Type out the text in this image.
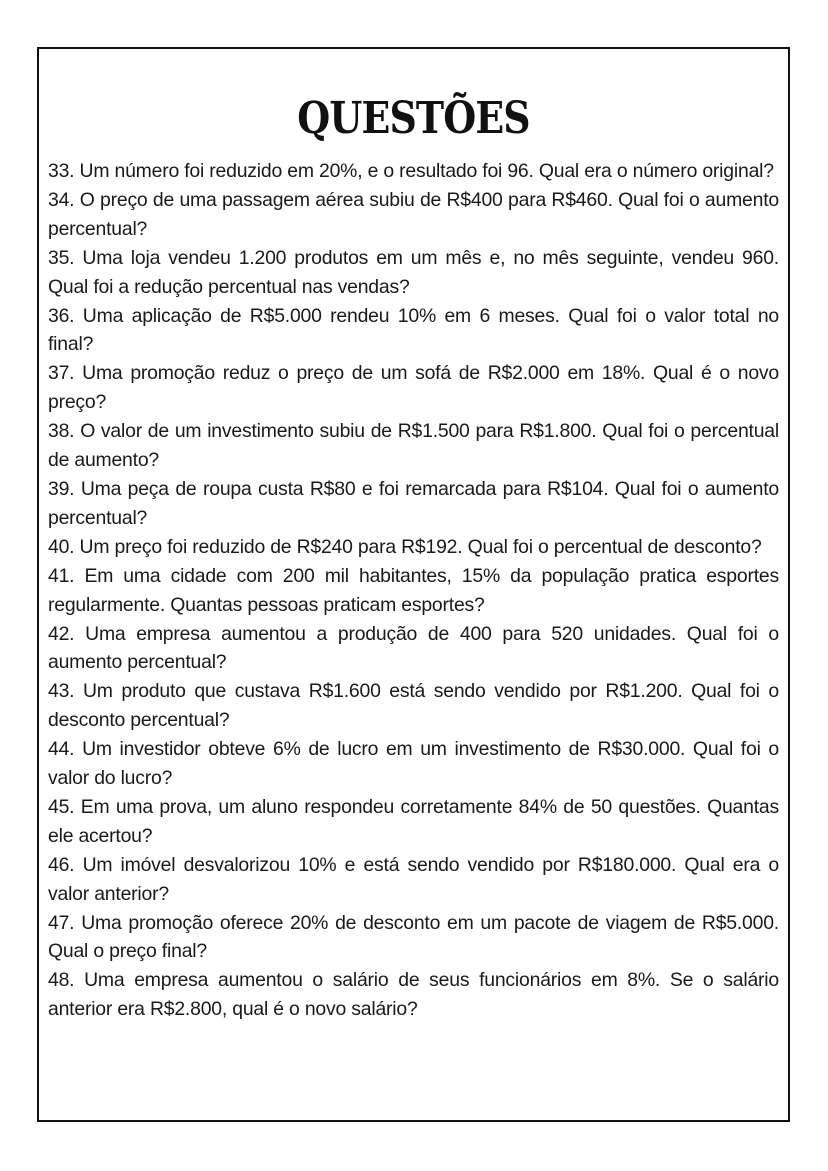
QUESTÕES

33. Um número foi reduzido em 20%, e o resultado foi 96. Qual era o número original?

34. O preço de uma passagem aérea subiu de R$400 para R$460. Qual foi o aumento percentual?

35. Uma loja vendeu 1.200 produtos em um mês e, no mês seguinte, vendeu 960. Qual foi a redução percentual nas vendas?

36. Uma aplicação de R$5.000 rendeu 10% em 6 meses. Qual foi o valor total no final?

37. Uma promoção reduz o preço de um sofá de R$2.000 em 18%. Qual é o novo preço?

38. O valor de um investimento subiu de R$1.500 para R$1.800. Qual foi o percentual de aumento?

39. Uma peça de roupa custa R$80 e foi remarcada para R$104. Qual foi o aumento percentual?

40. Um preço foi reduzido de R$240 para R$192. Qual foi o percentual de desconto?

41. Em uma cidade com 200 mil habitantes, 15% da população pratica esportes regularmente. Quantas pessoas praticam esportes?

42. Uma empresa aumentou a produção de 400 para 520 unidades. Qual foi o aumento percentual?

43. Um produto que custava R$1.600 está sendo vendido por R$1.200. Qual foi o desconto percentual?

44. Um investidor obteve 6% de lucro em um investimento de R$30.000. Qual foi o valor do lucro?

45. Em uma prova, um aluno respondeu corretamente 84% de 50 questões. Quantas ele acertou?

46. Um imóvel desvalorizou 10% e está sendo vendido por R$180.000. Qual era o valor anterior?

47. Uma promoção oferece 20% de desconto em um pacote de viagem de R$5.000. Qual o preço final?

48. Uma empresa aumentou o salário de seus funcionários em 8%. Se o salário anterior era R$2.800, qual é o novo salário?
